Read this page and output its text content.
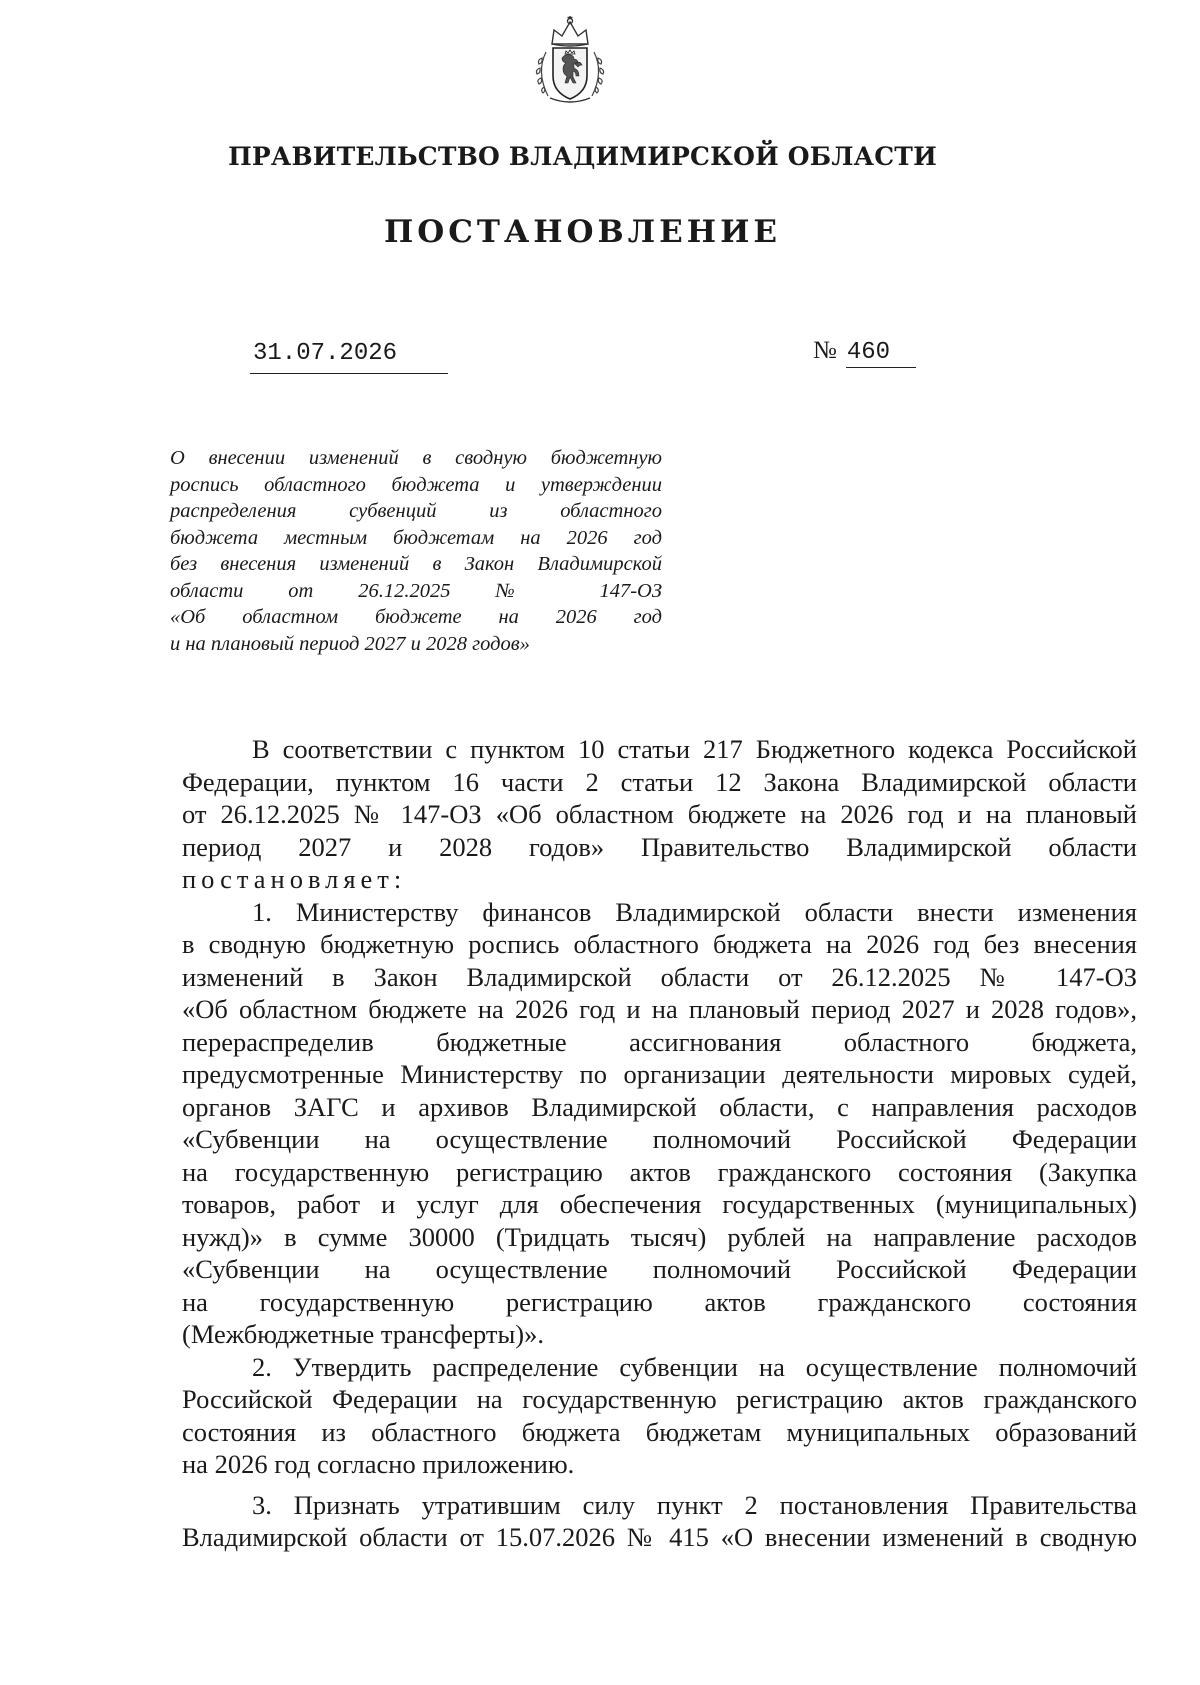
ПРАВИТЕЛЬСТВО ВЛАДИМИРСКОЙ ОБЛАСТИ
ПОСТАНОВЛЕНИЕ
31.07.2026	№ 460
О внесении изменений в сводную бюджетную
роспись областного бюджета и утверждении
распределения субвенций из областного
бюджета местным бюджетам на 2026 год
без внесения изменений в Закон Владимирской
области от 26.12.2025 № 147-ОЗ
«Об областном бюджете на 2026 год
и на плановый период 2027 и 2028 годов»
В соответствии с пунктом 10 статьи 217 Бюджетного кодекса Российской
Федерации, пунктом 16 части 2 статьи 12 Закона Владимирской области
от 26.12.2025 № 147-ОЗ «Об областном бюджете на 2026 год и на плановый
период 2027 и 2028 годов» Правительство Владимирской области
постановляет:
1. Министерству финансов Владимирской области внести изменения
в сводную бюджетную роспись областного бюджета на 2026 год без внесения
изменений в Закон Владимирской области от 26.12.2025 № 147-ОЗ
«Об областном бюджете на 2026 год и на плановый период 2027 и 2028 годов»,
перераспределив бюджетные ассигнования областного бюджета,
предусмотренные Министерству по организации деятельности мировых судей,
органов ЗАГС и архивов Владимирской области, с направления расходов
«Субвенции на осуществление полномочий Российской Федерации
на государственную регистрацию актов гражданского состояния (Закупка
товаров, работ и услуг для обеспечения государственных (муниципальных)
нужд)» в сумме 30000 (Тридцать тысяч) рублей на направление расходов
«Субвенции на осуществление полномочий Российской Федерации
на государственную регистрацию актов гражданского состояния
(Межбюджетные трансферты)».
2. Утвердить распределение субвенции на осуществление полномочий
Российской Федерации на государственную регистрацию актов гражданского
состояния из областного бюджета бюджетам муниципальных образований
на 2026 год согласно приложению.
3. Признать утратившим силу пункт 2 постановления Правительства
Владимирской области от 15.07.2026 № 415 «О внесении изменений в сводную
